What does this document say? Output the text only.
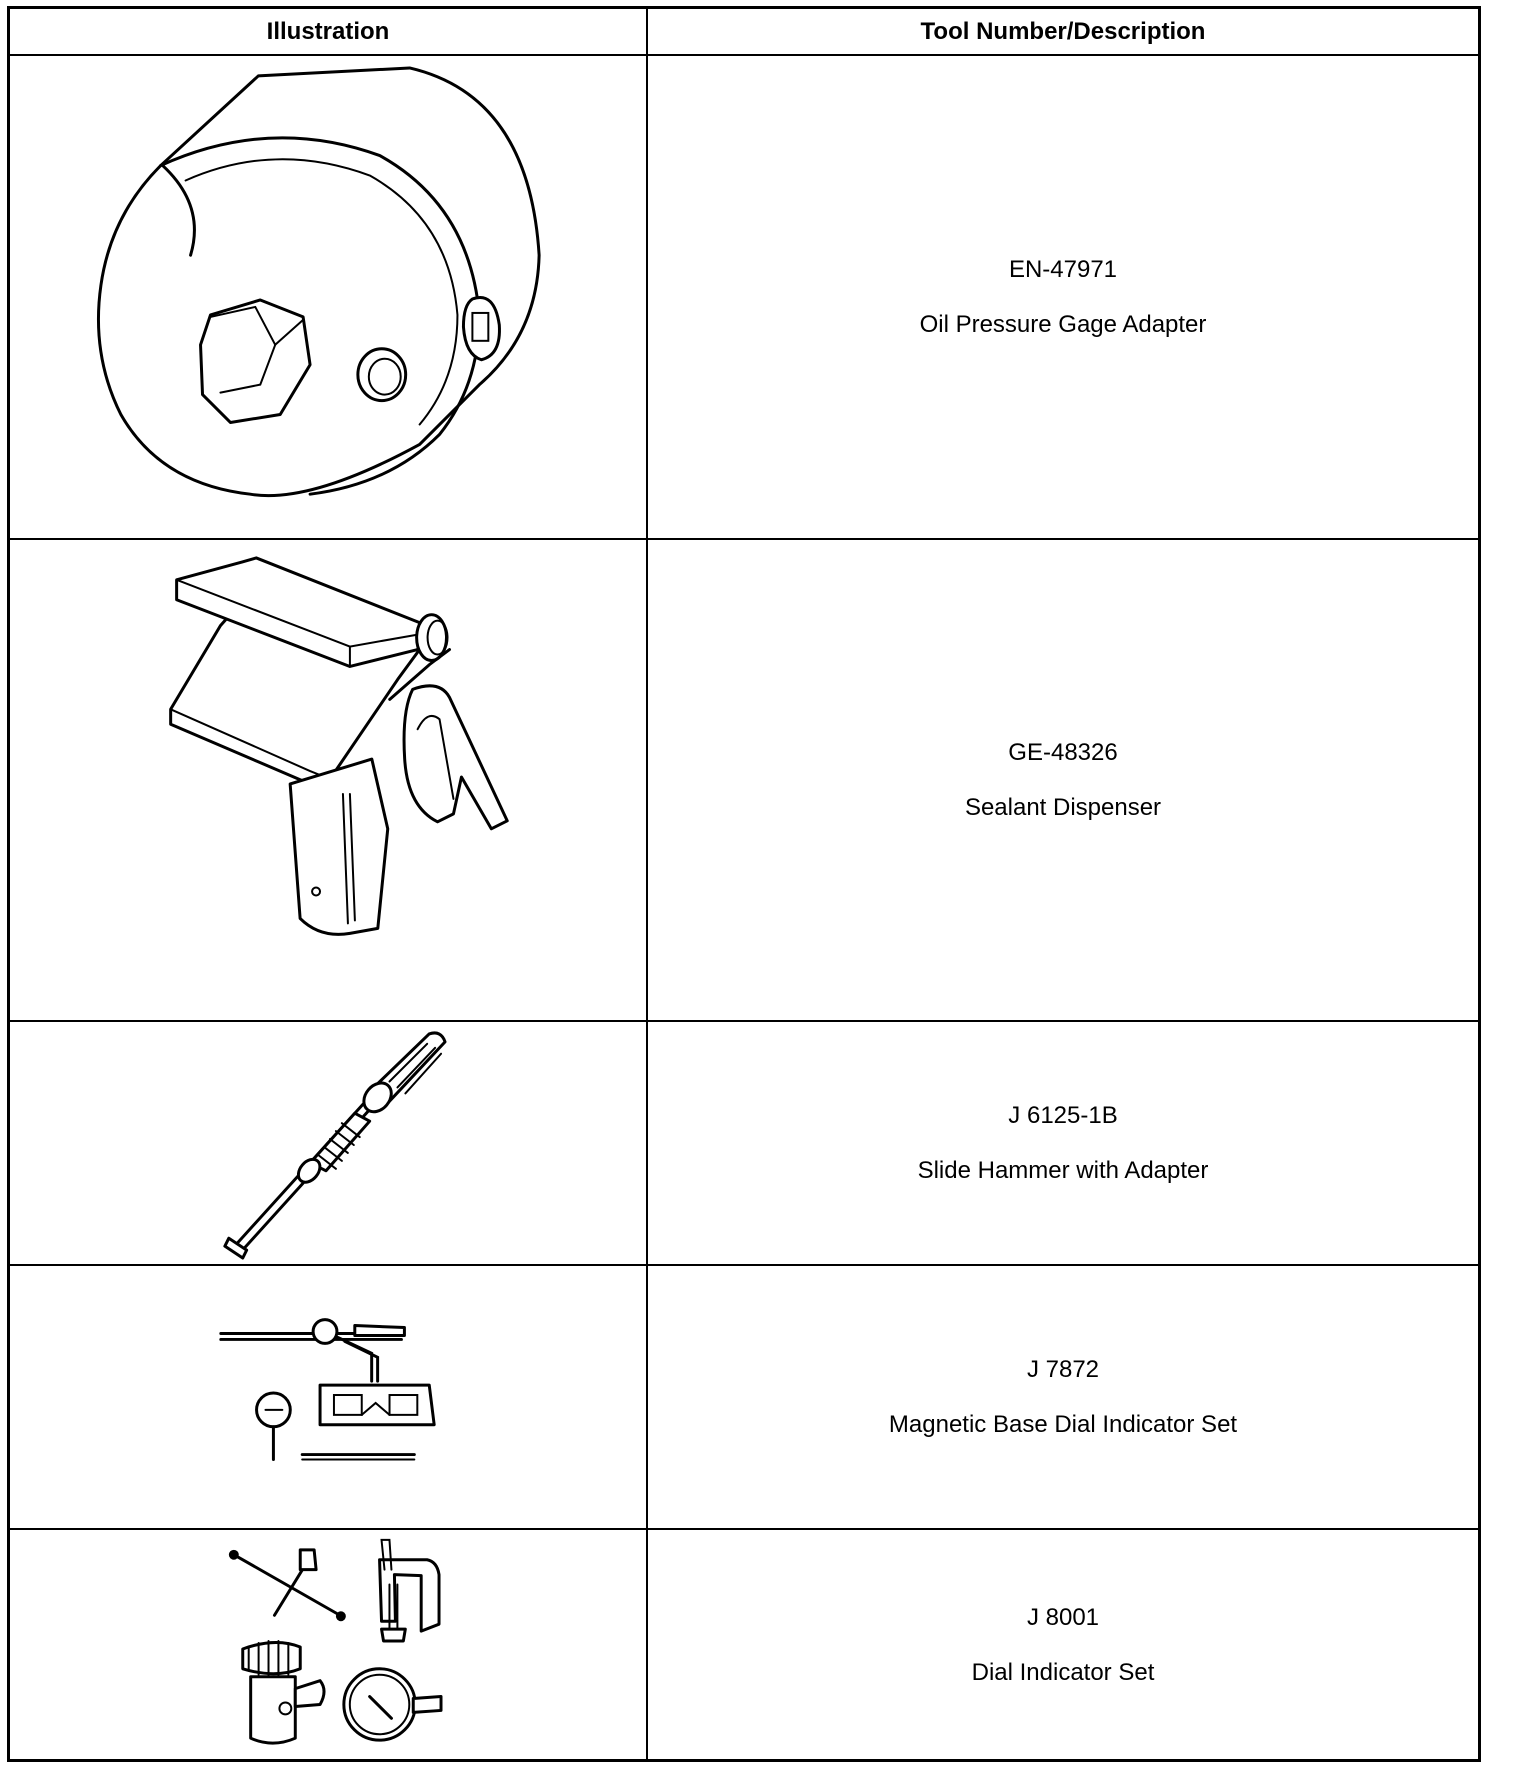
Illustration	Tool Number/Description
EN-47971
Oil Pressure Gage Adapter
GE-48326
Sealant Dispenser
J 6125-1B
Slide Hammer with Adapter
J 7872
Magnetic Base Dial Indicator Set
J 8001
Dial Indicator Set
